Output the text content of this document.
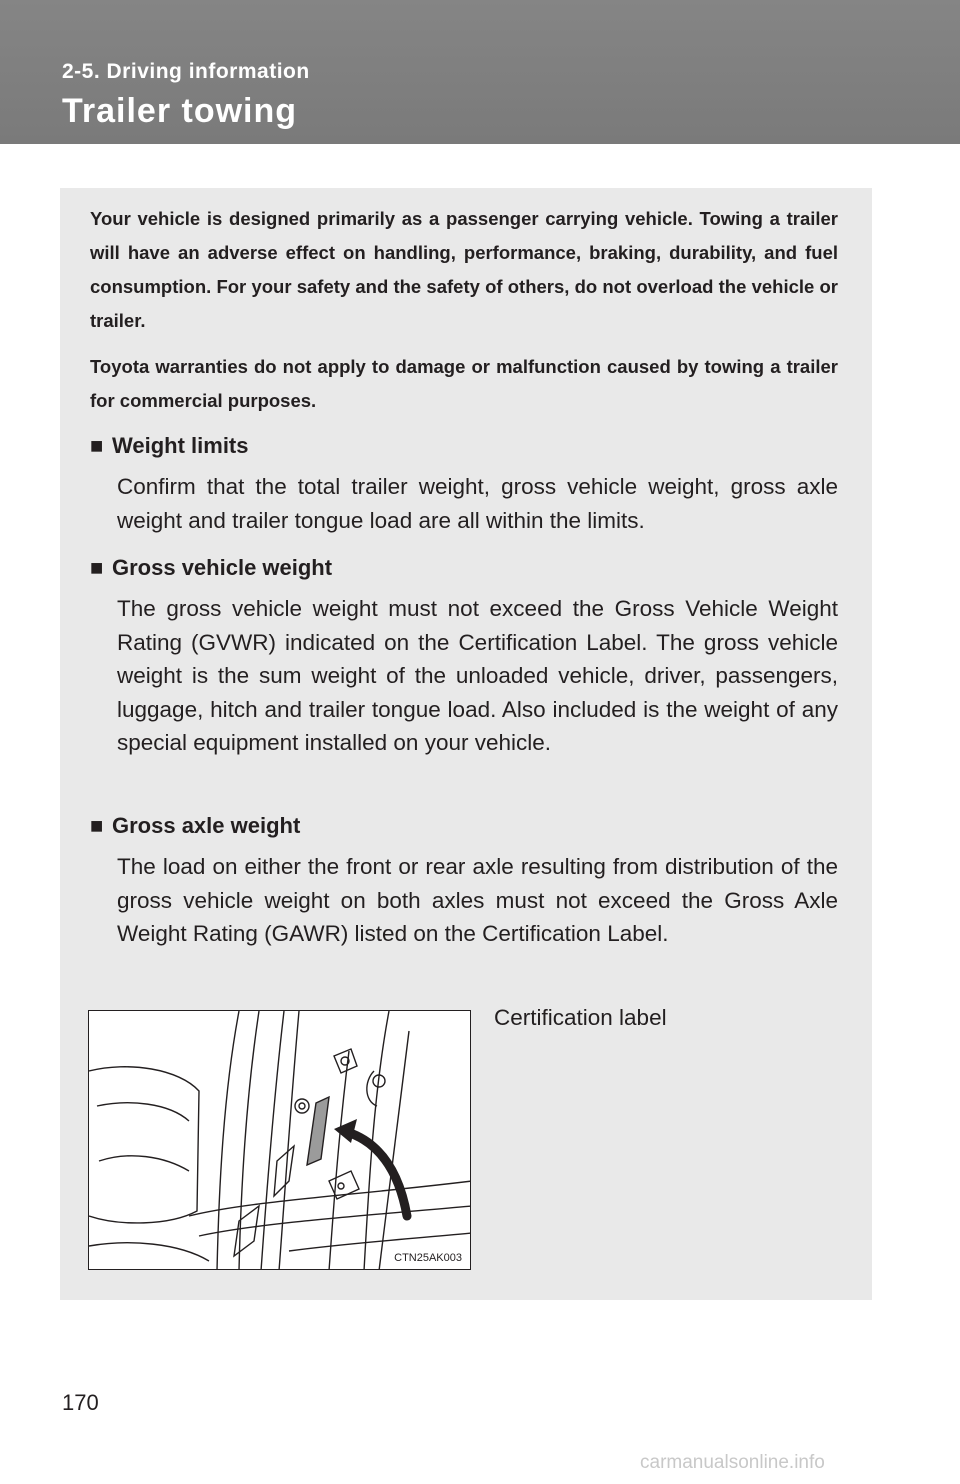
2-5. Driving information
Trailer towing
Your vehicle is designed primarily as a passenger carrying vehicle. Towing a trailer will have an adverse effect on handling, performance, braking, durability, and fuel consumption. For your safety and the safety of others, do not overload the vehicle or trailer.
Toyota warranties do not apply to damage or malfunction caused by towing a trailer for commercial purposes.
■ Weight limits
Confirm that the total trailer weight, gross vehicle weight, gross axle weight and trailer tongue load are all within the limits.
■ Gross vehicle weight
The gross vehicle weight must not exceed the Gross Vehicle Weight Rating (GVWR) indicated on the Certification Label. The gross vehicle weight is the sum weight of the unloaded vehicle, driver, passengers, luggage, hitch and trailer tongue load. Also included is the weight of any special equipment installed on your vehicle.
■ Gross axle weight
The load on either the front or rear axle resulting from distribution of the gross vehicle weight on both axles must not exceed the Gross Axle Weight Rating (GAWR) listed on the Certification Label.
CTN25AK003
Certification label
170
carmanualsonline.info
